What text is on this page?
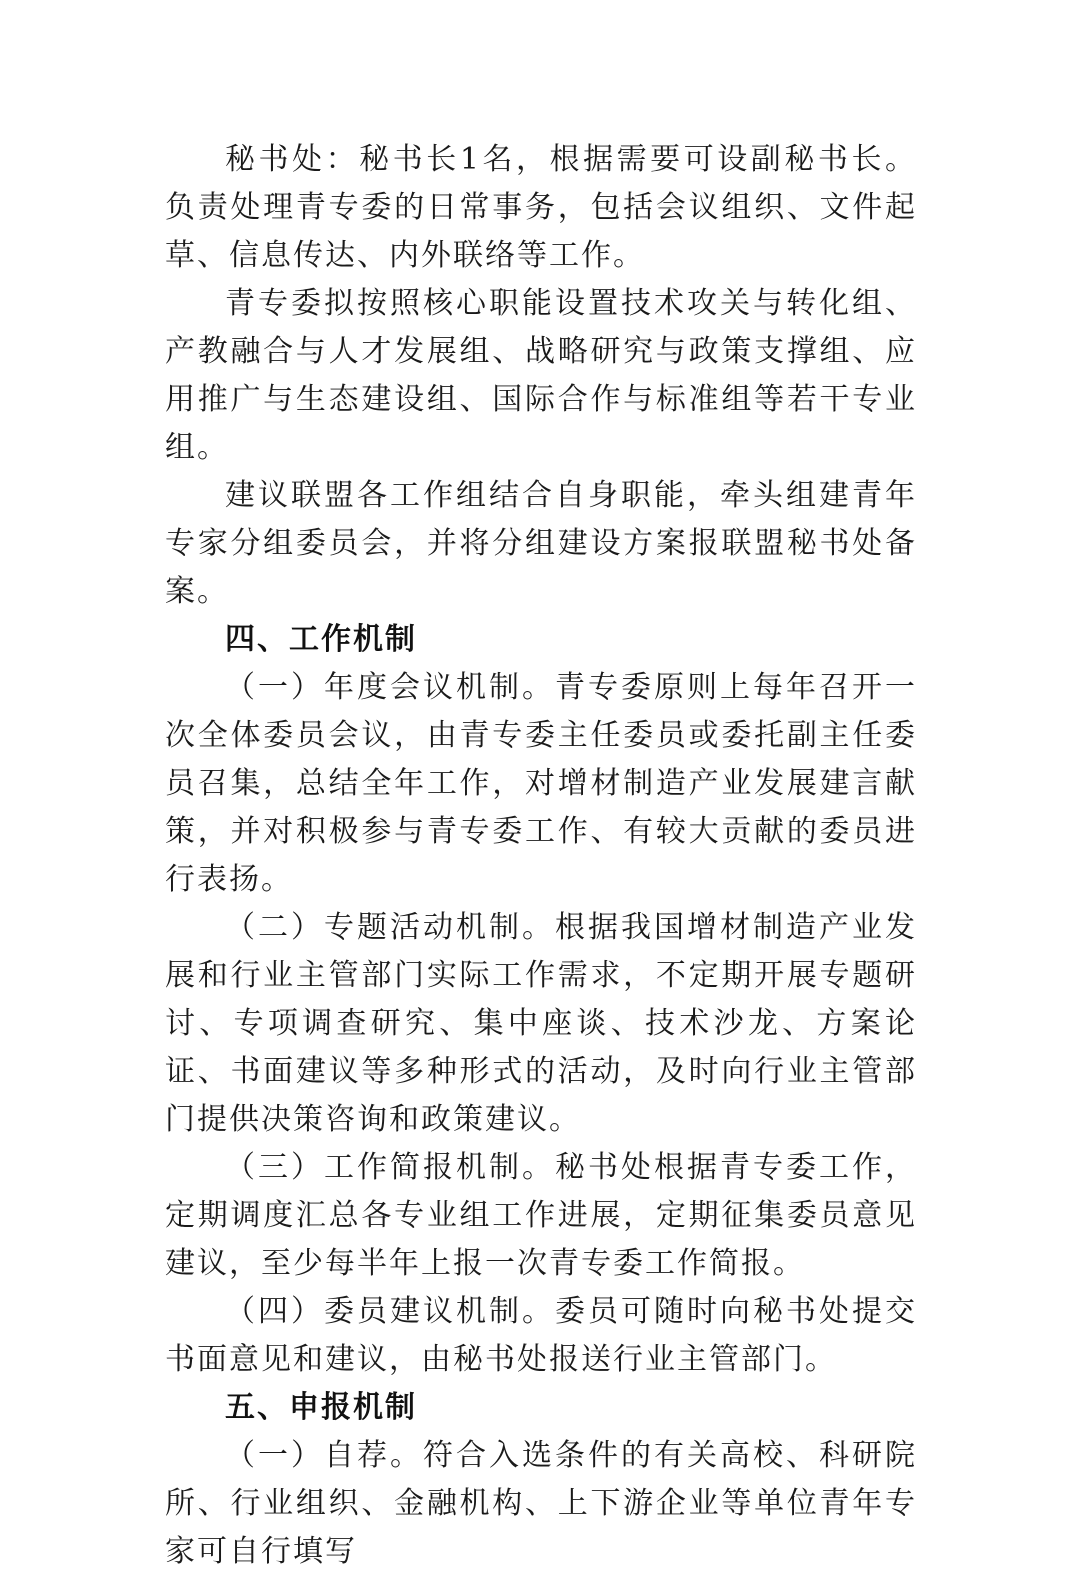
秘书处：秘书长1名，根据需要可设副秘书长。负责处理青专委的日常事务，包括会议组织、文件起草、信息传达、内外联络等工作。

青专委拟按照核心职能设置技术攻关与转化组、产教融合与人才发展组、战略研究与政策支撑组、应用推广与生态建设组、国际合作与标准组等若干专业组。

建议联盟各工作组结合自身职能，牵头组建青年专家分组委员会，并将分组建设方案报联盟秘书处备案。

四、工作机制

（一）年度会议机制。青专委原则上每年召开一次全体委员会议，由青专委主任委员或委托副主任委员召集，总结全年工作，对增材制造产业发展建言献策，并对积极参与青专委工作、有较大贡献的委员进行表扬。

（二）专题活动机制。根据我国增材制造产业发展和行业主管部门实际工作需求，不定期开展专题研讨、专项调查研究、集中座谈、技术沙龙、方案论证、书面建议等多种形式的活动，及时向行业主管部门提供决策咨询和政策建议。

（三）工作简报机制。秘书处根据青专委工作，定期调度汇总各专业组工作进展，定期征集委员意见建议，至少每半年上报一次青专委工作简报。

（四）委员建议机制。委员可随时向秘书处提交书面意见和建议，由秘书处报送行业主管部门。

五、申报机制

（一）自荐。符合入选条件的有关高校、科研院所、行业组织、金融机构、上下游企业等单位青年专家可自行填写
